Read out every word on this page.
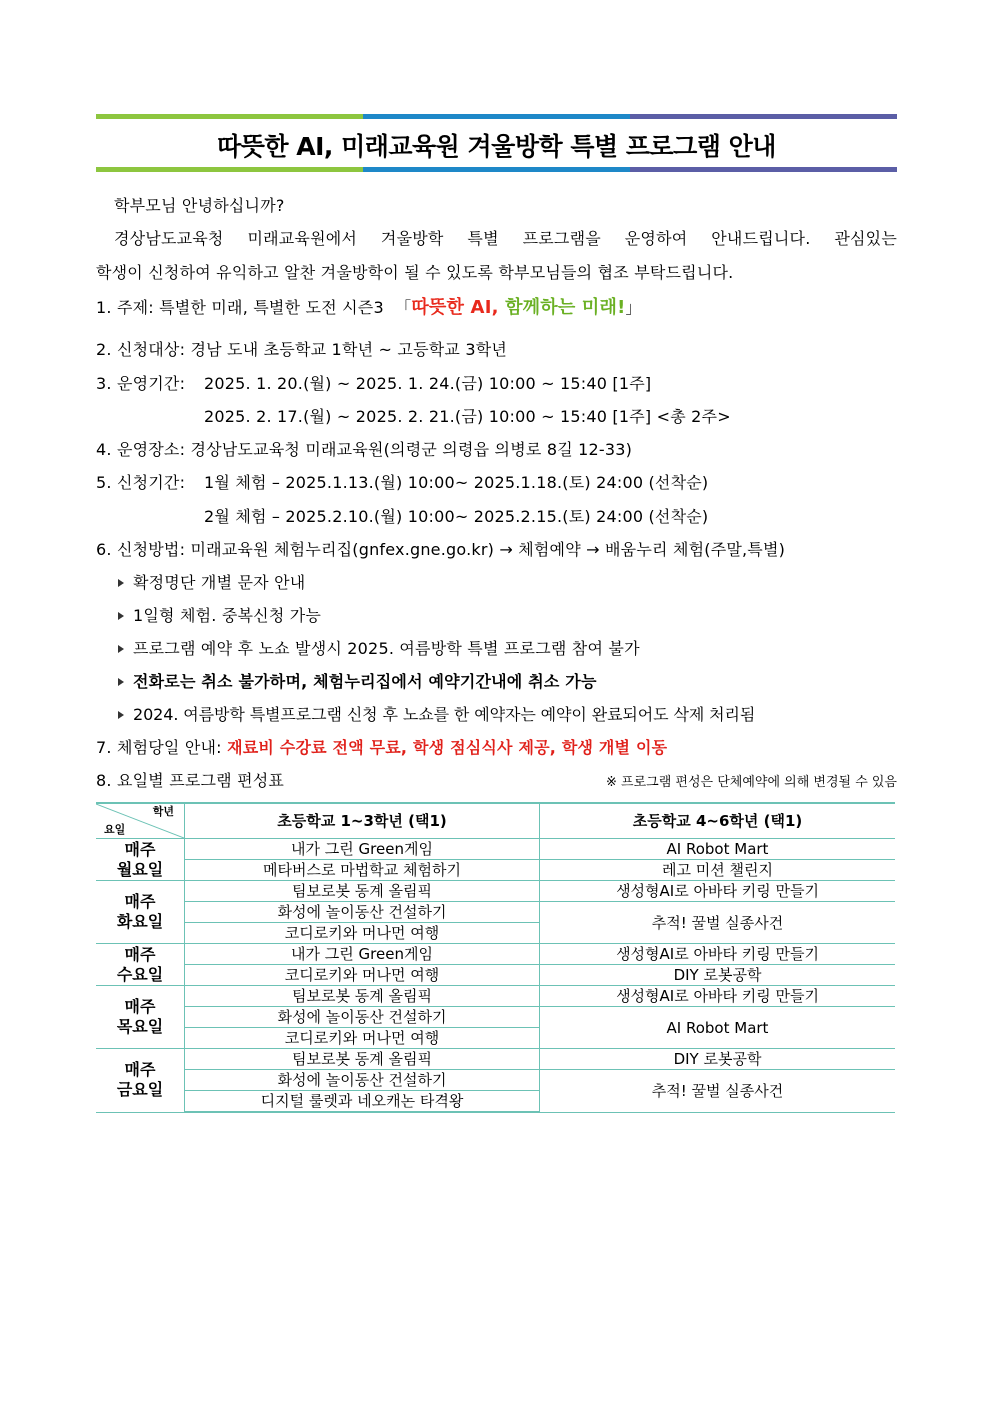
따뜻한 AI, 미래교육원 겨울방학 특별 프로그램 안내
학부모님 안녕하십니까?
경상남도교육청 미래교육원에서 겨울방학 특별 프로그램을 운영하여 안내드립니다. 관심있는
학생이 신청하여 유익하고 알찬 겨울방학이 될 수 있도록 학부모님들의 협조 부탁드립니다.
1. 주제: 특별한 미래, 특별한 도전 시즌3 「따뜻한 AI, 함께하는 미래!」
2. 신청대상: 경남 도내 초등학교 1학년 ~ 고등학교 3학년
3. 운영기간: 2025. 1. 20.(월) ~ 2025. 1. 24.(금) 10:00 ~ 15:40 [1주]
2025. 2. 17.(월) ~ 2025. 2. 21.(금) 10:00 ~ 15:40 [1주] <총 2주>
4. 운영장소: 경상남도교육청 미래교육원(의령군 의령읍 의병로 8길 12-33)
5. 신청기간: 1월 체험 – 2025.1.13.(월) 10:00~ 2025.1.18.(토) 24:00 (선착순)
2월 체험 – 2025.2.10.(월) 10:00~ 2025.2.15.(토) 24:00 (선착순)
6. 신청방법: 미래교육원 체험누리집(gnfex.gne.go.kr) → 체험예약 → 배움누리 체험(주말,특별)
확정명단 개별 문자 안내
1일형 체험. 중복신청 가능
프로그램 예약 후 노쇼 발생시 2025. 여름방학 특별 프로그램 참여 불가
전화로는 취소 불가하며, 체험누리집에서 예약기간내에 취소 가능
2024. 여름방학 특별프로그램 신청 후 노쇼를 한 예약자는 예약이 완료되어도 삭제 처리됨
7. 체험당일 안내: 재료비 수강료 전액 무료, 학생 점심식사 제공, 학생 개별 이동
8. 요일별 프로그램 편성표	※ 프로그램 편성은 단체예약에 의해 변경될 수 있음
학년
요일	초등학교 1~3학년 (택1)	초등학교 4~6학년 (택1)

매주
월요일	내가 그린 Green게임	AI Robot Mart
	메타버스로 마법학교 체험하기	레고 미션 챌린지

매주
화요일	팀보로봇 동계 올림픽	생성형AI로 아바타 키링 만들기
	화성에 놀이동산 건설하기	추적! 꿀벌 실종사건
	코디로키와 머나먼 여행	

매주
수요일	내가 그린 Green게임	생성형AI로 아바타 키링 만들기
	코디로키와 머나먼 여행	DIY 로봇공학

매주
목요일	팀보로봇 동계 올림픽	생성형AI로 아바타 키링 만들기
	화성에 놀이동산 건설하기	AI Robot Mart
	코디로키와 머나먼 여행	

매주
금요일	팀보로봇 동계 올림픽	DIY 로봇공학
	화성에 놀이동산 건설하기	추적! 꿀벌 실종사건
	디지털 룰렛과 네오캐논 타격왕	
